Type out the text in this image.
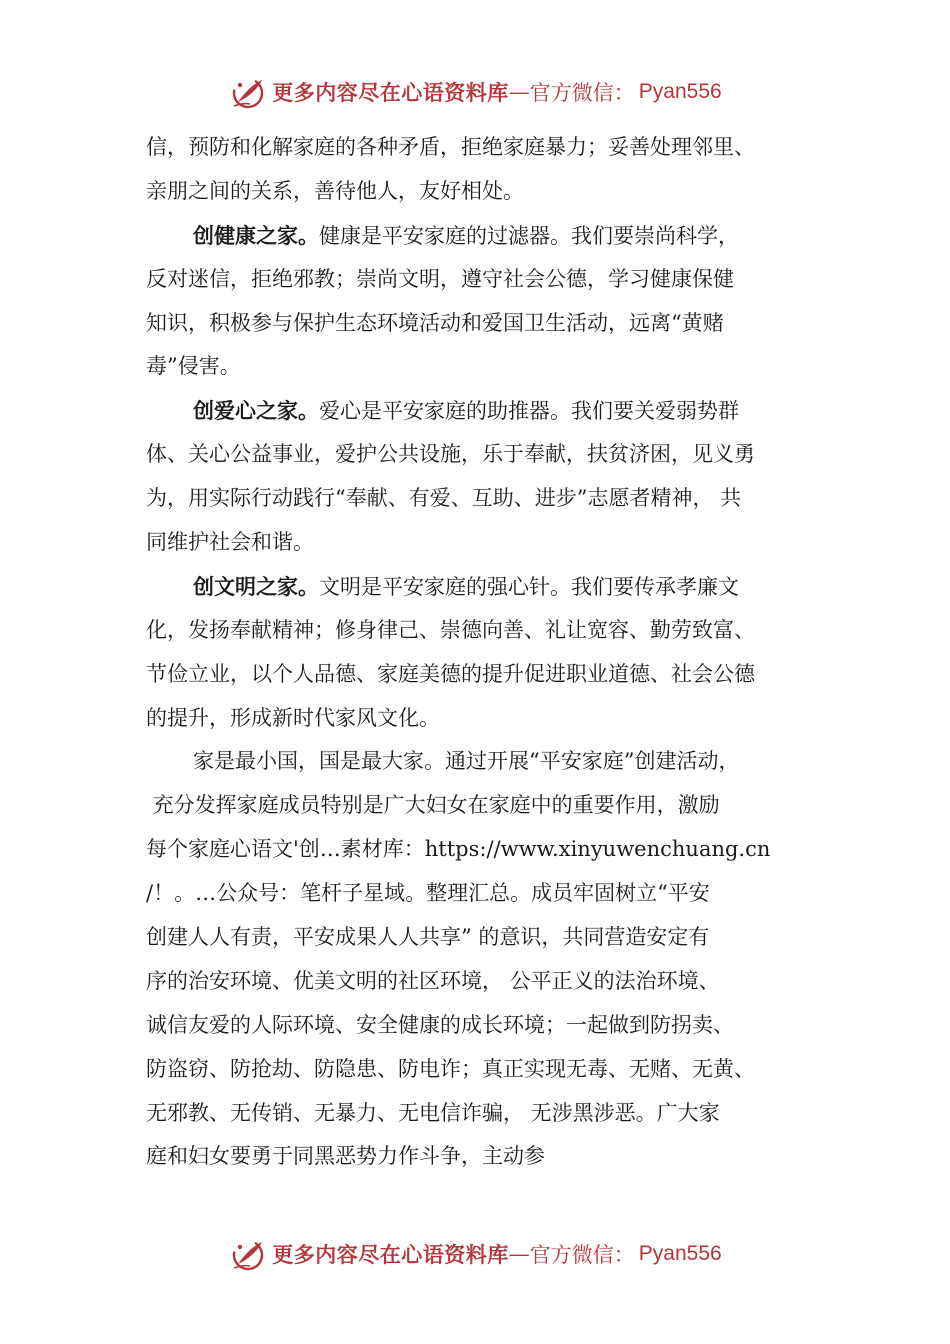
更多内容尽在心语资料库 — 官方微信： Pyan556
信，预防和化解家庭的各种矛盾，拒绝家庭暴力；妥善处理邻里、
亲朋之间的关系，善待他人，友好相处。
创健康之家。健康是平安家庭的过滤器。我们要崇尚科学，
反对迷信，拒绝邪教；崇尚文明，遵守社会公德，学习健康保健
知识，积极参与保护生态环境活动和爱国卫生活动，远离“黄赌
毒”侵害。
创爱心之家。爱心是平安家庭的助推器。我们要关爱弱势群
体、关心公益事业，爱护公共设施，乐于奉献，扶贫济困，见义勇
为，用实际行动践行“奉献、有爱、互助、进步”志愿者精神， 共
同维护社会和谐。
创文明之家。文明是平安家庭的强心针。我们要传承孝廉文
化，发扬奉献精神；修身律己、崇德向善、礼让宽容、勤劳致富、
节俭立业，以个人品德、家庭美德的提升促进职业道德、社会公德
的提升，形成新时代家风文化。
家是最小国，国是最大家。通过开展“平安家庭”创建活动，
充分发挥家庭成员特别是广大妇女在家庭中的重要作用，激励
每个家庭心语文'创…素材库：https://www.xinyuwenchuang.cn
/！。…公众号：笔杆子星域。整理汇总。成员牢固树立“平安
创建人人有责，平安成果人人共享” 的意识，共同营造安定有
序的治安环境、优美文明的社区环境， 公平正义的法治环境、
诚信友爱的人际环境、安全健康的成长环境；一起做到防拐卖、
防盗窃、防抢劫、防隐患、防电诈；真正实现无毒、无赌、无黄、
无邪教、无传销、无暴力、无电信诈骗， 无涉黑涉恶。广大家
庭和妇女要勇于同黑恶势力作斗争，主动参
更多内容尽在心语资料库 — 官方微信： Pyan556
